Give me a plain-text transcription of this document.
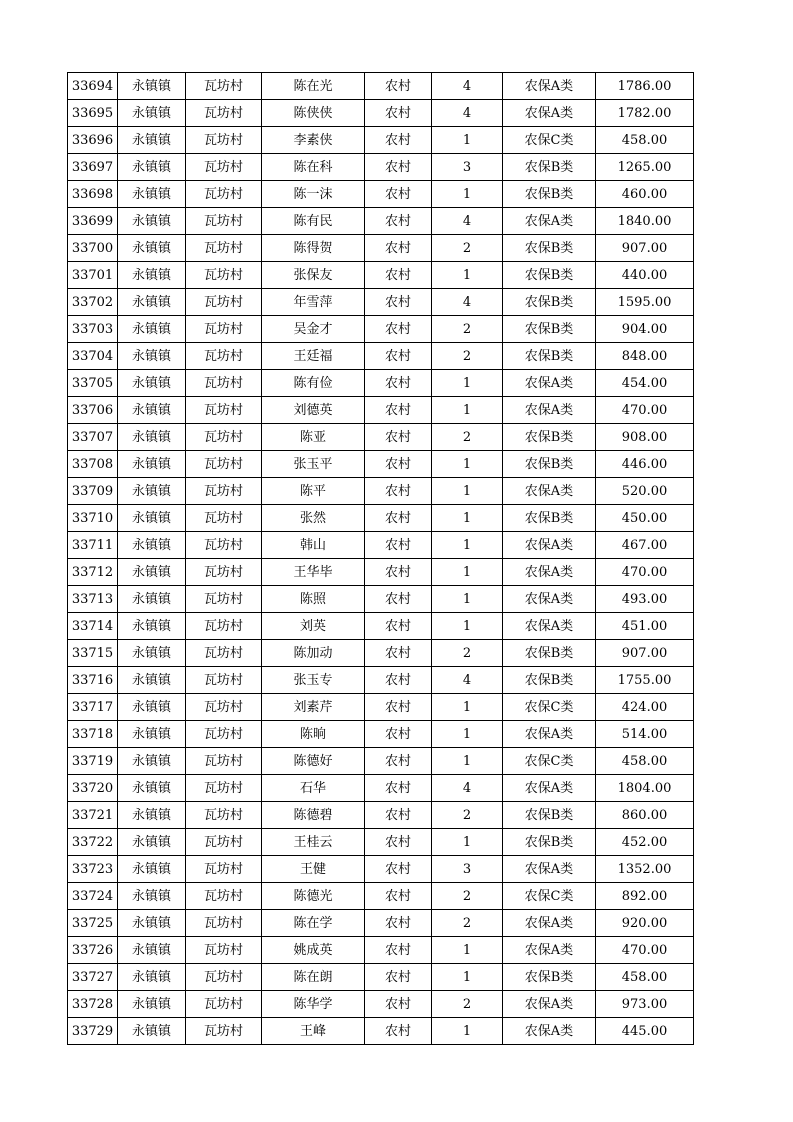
33694	永镇镇	瓦坊村	陈在光	农村	4	农保A类	1786.00
33695	永镇镇	瓦坊村	陈侠侠	农村	4	农保A类	1782.00
33696	永镇镇	瓦坊村	李素侠	农村	1	农保C类	458.00
33697	永镇镇	瓦坊村	陈在科	农村	3	农保B类	1265.00
33698	永镇镇	瓦坊村	陈一沫	农村	1	农保B类	460.00
33699	永镇镇	瓦坊村	陈有民	农村	4	农保A类	1840.00
33700	永镇镇	瓦坊村	陈得贺	农村	2	农保B类	907.00
33701	永镇镇	瓦坊村	张保友	农村	1	农保B类	440.00
33702	永镇镇	瓦坊村	年雪萍	农村	4	农保B类	1595.00
33703	永镇镇	瓦坊村	吴金才	农村	2	农保B类	904.00
33704	永镇镇	瓦坊村	王廷福	农村	2	农保B类	848.00
33705	永镇镇	瓦坊村	陈有俭	农村	1	农保A类	454.00
33706	永镇镇	瓦坊村	刘德英	农村	1	农保A类	470.00
33707	永镇镇	瓦坊村	陈亚	农村	2	农保B类	908.00
33708	永镇镇	瓦坊村	张玉平	农村	1	农保B类	446.00
33709	永镇镇	瓦坊村	陈平	农村	1	农保A类	520.00
33710	永镇镇	瓦坊村	张然	农村	1	农保B类	450.00
33711	永镇镇	瓦坊村	韩山	农村	1	农保A类	467.00
33712	永镇镇	瓦坊村	王华毕	农村	1	农保A类	470.00
33713	永镇镇	瓦坊村	陈照	农村	1	农保A类	493.00
33714	永镇镇	瓦坊村	刘英	农村	1	农保A类	451.00
33715	永镇镇	瓦坊村	陈加动	农村	2	农保B类	907.00
33716	永镇镇	瓦坊村	张玉专	农村	4	农保B类	1755.00
33717	永镇镇	瓦坊村	刘素芹	农村	1	农保C类	424.00
33718	永镇镇	瓦坊村	陈晌	农村	1	农保A类	514.00
33719	永镇镇	瓦坊村	陈德好	农村	1	农保C类	458.00
33720	永镇镇	瓦坊村	石华	农村	4	农保A类	1804.00
33721	永镇镇	瓦坊村	陈德碧	农村	2	农保B类	860.00
33722	永镇镇	瓦坊村	王桂云	农村	1	农保B类	452.00
33723	永镇镇	瓦坊村	王健	农村	3	农保A类	1352.00
33724	永镇镇	瓦坊村	陈德光	农村	2	农保C类	892.00
33725	永镇镇	瓦坊村	陈在学	农村	2	农保A类	920.00
33726	永镇镇	瓦坊村	姚成英	农村	1	农保A类	470.00
33727	永镇镇	瓦坊村	陈在朗	农村	1	农保B类	458.00
33728	永镇镇	瓦坊村	陈华学	农村	2	农保A类	973.00
33729	永镇镇	瓦坊村	王峰	农村	1	农保A类	445.00
